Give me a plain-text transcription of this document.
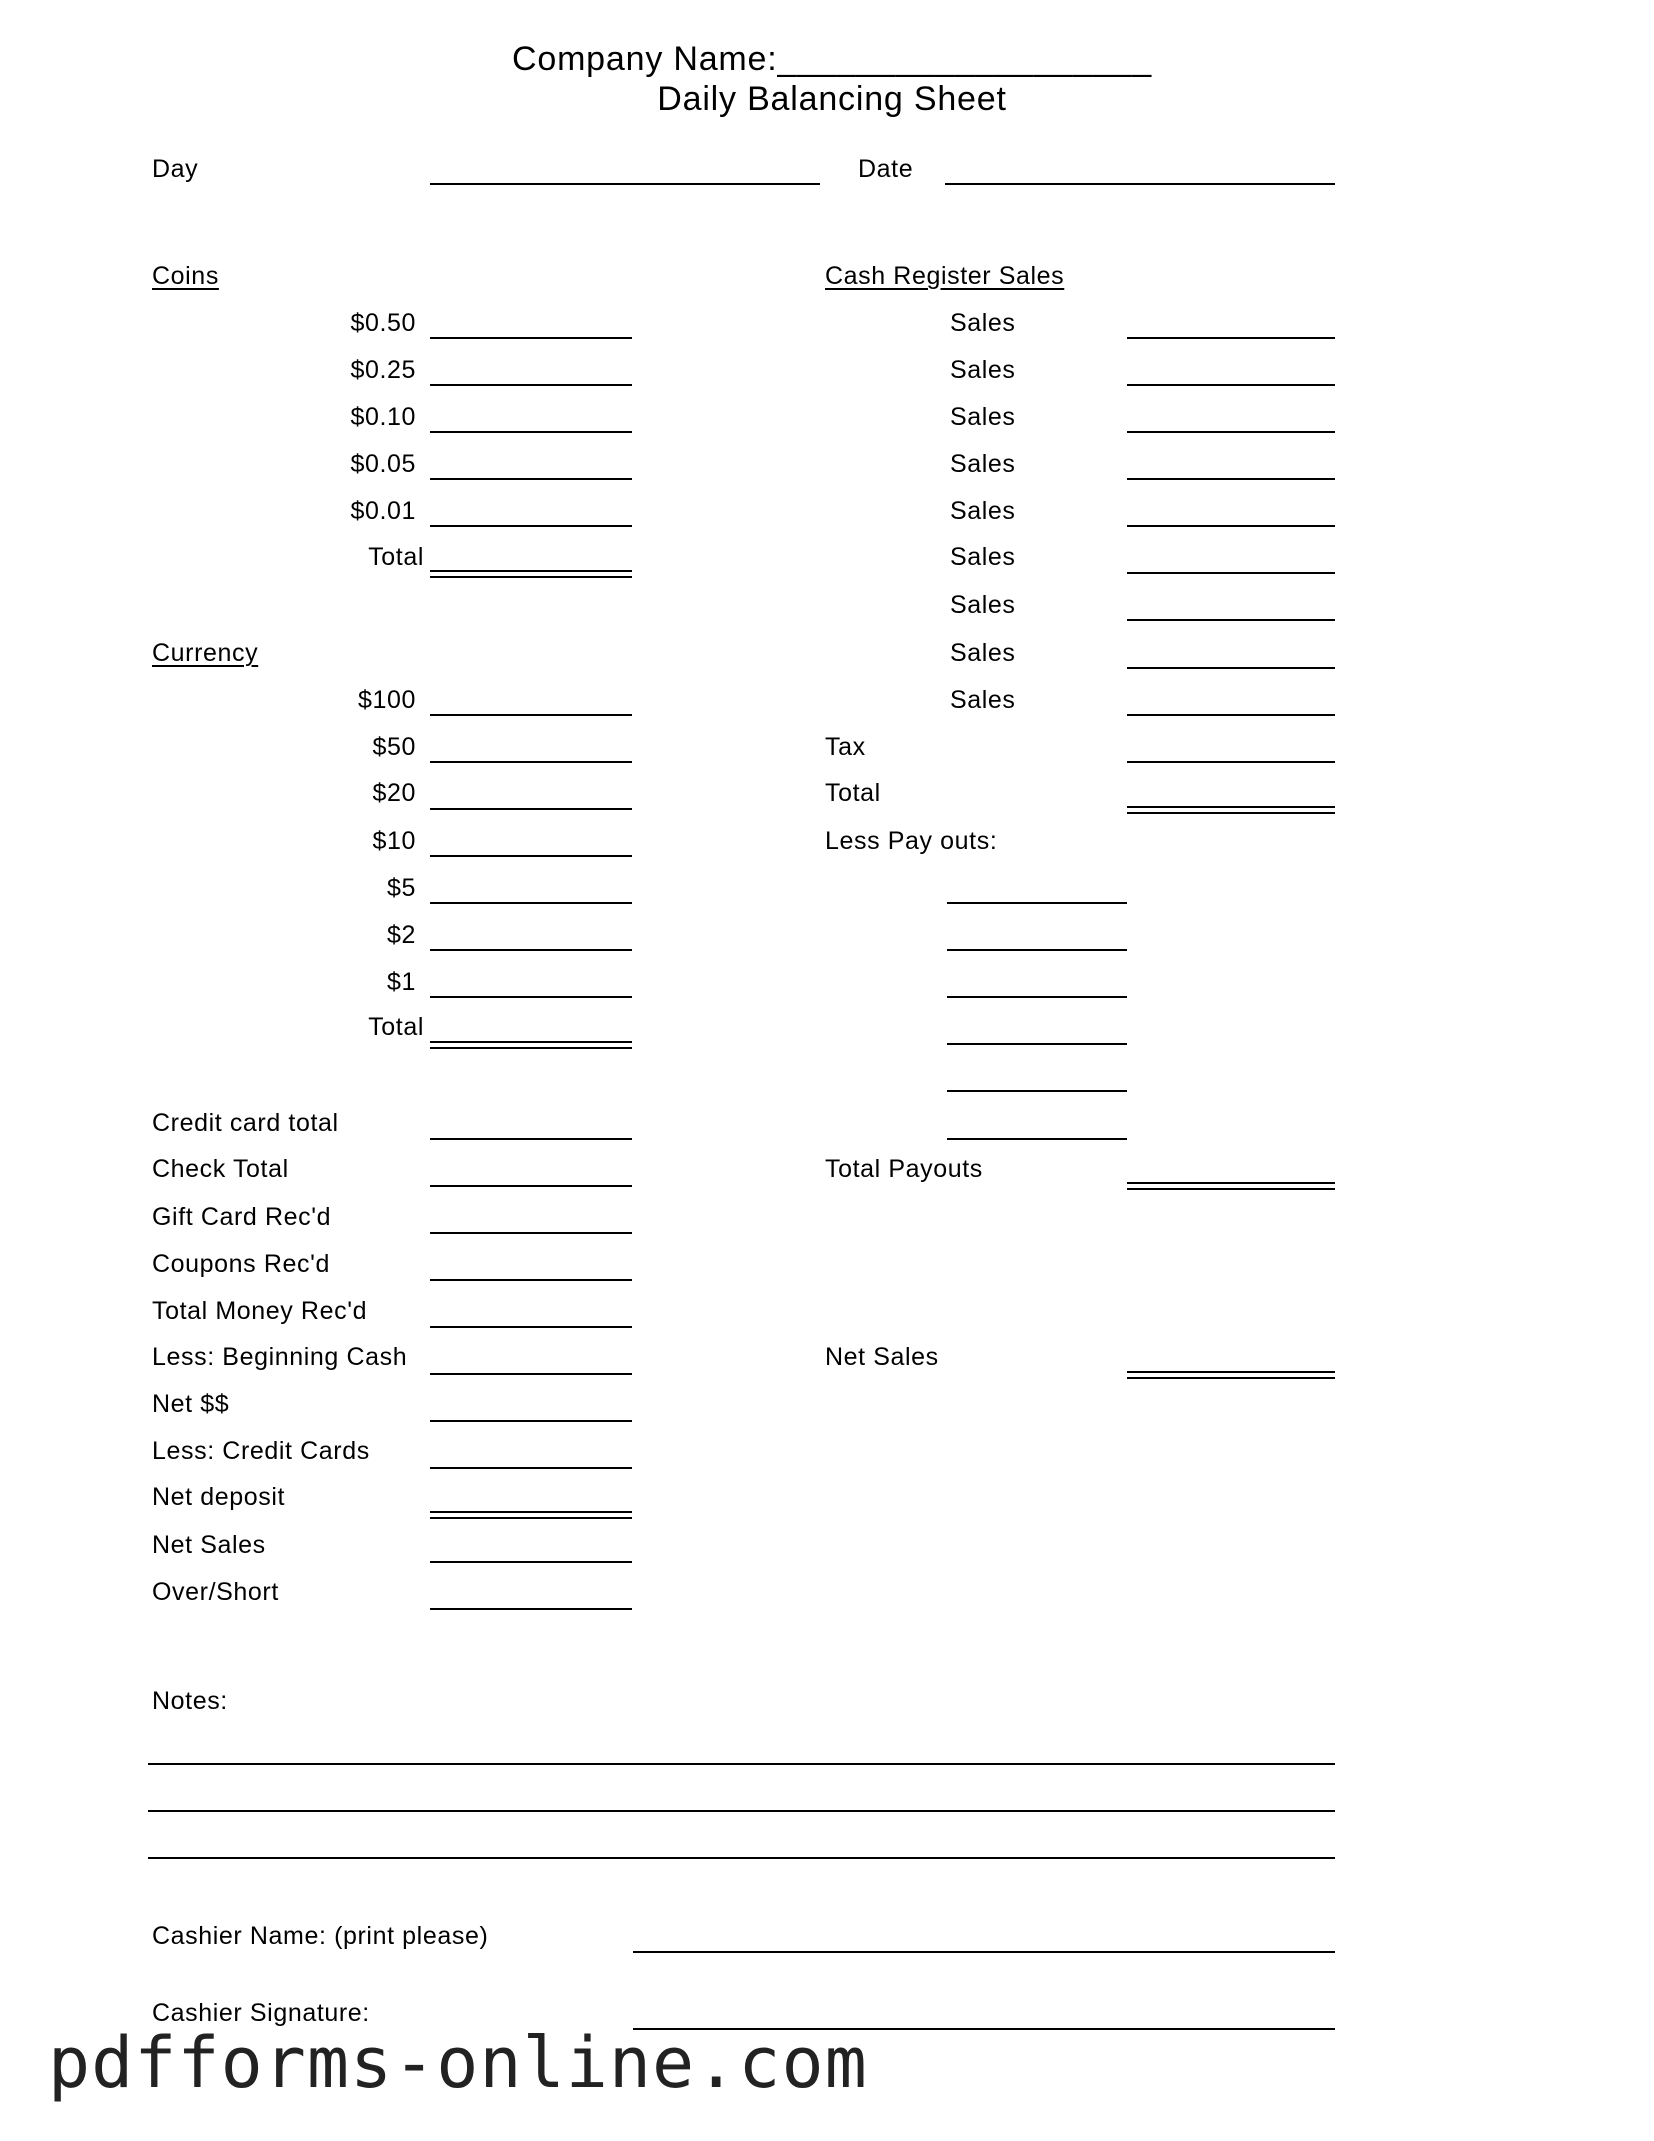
Company Name:___________________
Daily Balancing Sheet
Day	Date
Coins
$0.50
$0.25
$0.10
$0.05
$0.01
Total
Currency
$100
$50
$20
$10
$5
$2
$1
Total
Credit card total
Check Total
Gift Card Rec'd
Coupons Rec'd
Total Money Rec'd
Less: Beginning Cash
Net $$
Less: Credit Cards
Net deposit
Net Sales
Over/Short
Cash Register Sales
Sales
Sales
Sales
Sales
Sales
Sales
Sales
Sales
Sales
Tax
Total
Less Pay outs:
Total Payouts
Net Sales
Notes:
Cashier Name: (print please)
Cashier Signature:
pdfforms-online.com
